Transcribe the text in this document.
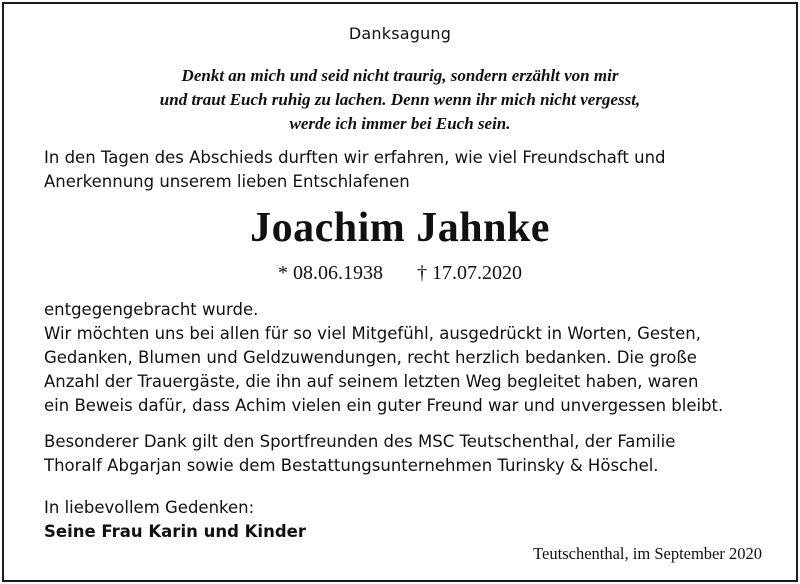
Danksagung
Denkt an mich und seid nicht traurig, sondern erzählt von mir
und traut Euch ruhig zu lachen. Denn wenn ihr mich nicht vergesst,
werde ich immer bei Euch sein.
In den Tagen des Abschieds durften wir erfahren, wie viel Freundschaft und
Anerkennung unserem lieben Entschlafenen
Joachim Jahnke
* 08.06.1938 † 17.07.2020
entgegengebracht wurde.
Wir möchten uns bei allen für so viel Mitgefühl, ausgedrückt in Worten, Gesten,
Gedanken, Blumen und Geldzuwendungen, recht herzlich bedanken. Die große
Anzahl der Trauergäste, die ihn auf seinem letzten Weg begleitet haben, waren
ein Beweis dafür, dass Achim vielen ein guter Freund war und unvergessen bleibt.
Besonderer Dank gilt den Sportfreunden des MSC Teutschenthal, der Familie
Thoralf Abgarjan sowie dem Bestattungsunternehmen Turinsky & Höschel.
In liebevollem Gedenken:
Seine Frau Karin und Kinder
Teutschenthal, im September 2020
